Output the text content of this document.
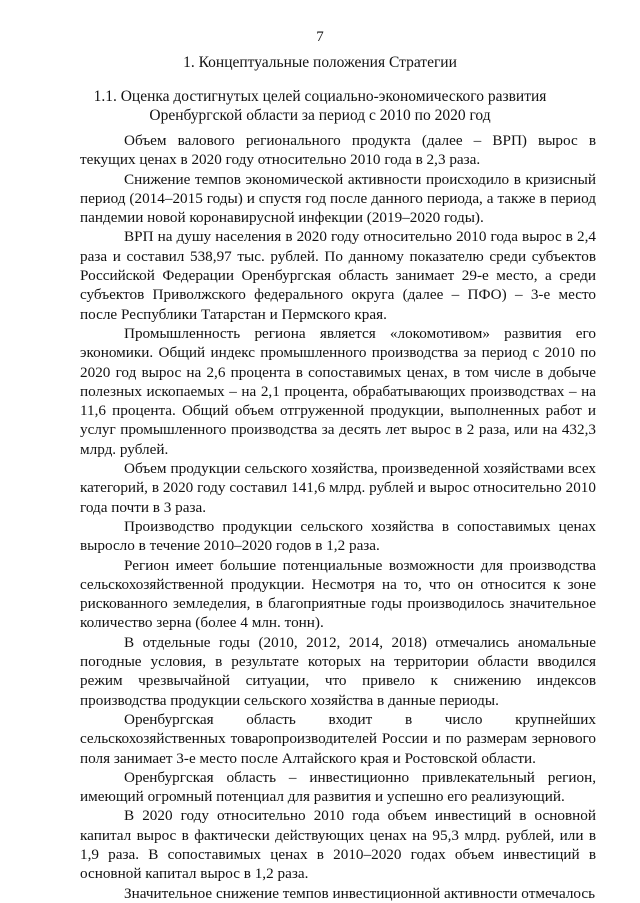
7
1. Концептуальные положения Стратегии
1.1. Оценка достигнутых целей социально-экономического развития
Оренбургской области за период с 2010 по 2020 год

Объем валового регионального продукта (далее – ВРП) вырос в текущих ценах в 2020 году относительно 2010 года в 2,3 раза.

Снижение темпов экономической активности происходило в кризисный период (2014–2015 годы) и спустя год после данного периода, а также в период пандемии новой коронавирусной инфекции (2019–2020 годы).

ВРП на душу населения в 2020 году относительно 2010 года вырос в 2,4 раза и составил 538,97 тыс. рублей. По данному показателю среди субъектов Российской Федерации Оренбургская область занимает 29-е место, а среди субъектов Приволжского федерального округа (далее – ПФО) – 3-е место после Республики Татарстан и Пермского края.

Промышленность региона является «локомотивом» развития его экономики. Общий индекс промышленного производства за период с 2010 по 2020 год вырос на 2,6 процента в сопоставимых ценах, в том числе в добыче полезных ископаемых – на 2,1 процента, обрабатывающих производствах – на 11,6 процента. Общий объем отгруженной продукции, выполненных работ и услуг промышленного производства за десять лет вырос в 2 раза, или на 432,3 млрд. рублей.

Объем продукции сельского хозяйства, произведенной хозяйствами всех категорий, в 2020 году составил 141,6 млрд. рублей и вырос относительно 2010 года почти в 3 раза.

Производство продукции сельского хозяйства в сопоставимых ценах выросло в течение 2010–2020 годов в 1,2 раза.

Регион имеет большие потенциальные возможности для производства сельскохозяйственной продукции. Несмотря на то, что он относится к зоне рискованного земледелия, в благоприятные годы производилось значительное количество зерна (более 4 млн. тонн).

В отдельные годы (2010, 2012, 2014, 2018) отмечались аномальные погодные условия, в результате которых на территории области вводился режим чрезвычайной ситуации, что привело к снижению индексов производства продукции сельского хозяйства в данные периоды.

Оренбургская область входит в число крупнейших сельскохозяйственных товаропроизводителей России и по размерам зернового поля занимает 3-е место после Алтайского края и Ростовской области.

Оренбургская область – инвестиционно привлекательный регион, имеющий огромный потенциал для развития и успешно его реализующий.

В 2020 году относительно 2010 года объем инвестиций в основной капитал вырос в фактически действующих ценах на 95,3 млрд. рублей, или в 1,9 раза. В сопоставимых ценах в 2010–2020 годах объем инвестиций в основной капитал вырос в 1,2 раза.

Значительное снижение темпов инвестиционной активности отмечалось
